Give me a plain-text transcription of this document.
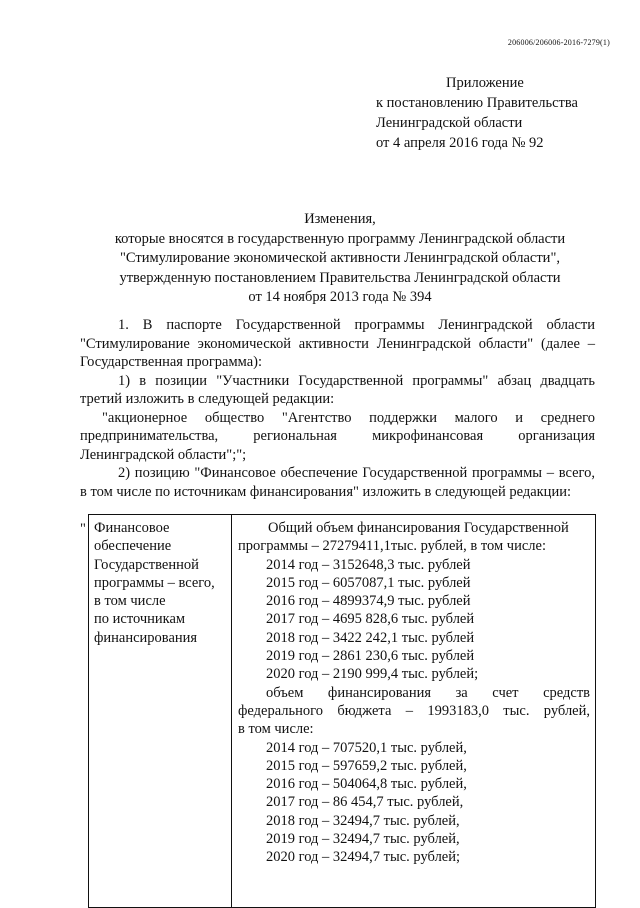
206006/206006-2016-7279(1)
Приложение
к постановлению Правительства
Ленинградской области
от 4 апреля 2016 года № 92
Изменения,
которые вносятся в государственную программу Ленинградской области
"Стимулирование экономической активности Ленинградской области",
утвержденную постановлением Правительства Ленинградской области
от 14 ноября 2013 года № 394

1. В паспорте Государственной программы Ленинградской области "Стимулирование экономической активности Ленинградской области" (далее – Государственная программа):

1) в позиции "Участники Государственной программы" абзац двадцать третий изложить в следующей редакции:

"акционерное общество "Агентство поддержки малого и среднего предпринимательства, региональная микрофинансовая организация Ленинградской области";";

2) позицию "Финансовое обеспечение Государственной программы – всего, в том числе по источникам финансирования" изложить в следующей редакции:

" Финансовое
обеспечение
Государственной
программы – всего,
в том числе
по источникам
финансирования

Общий объем финансирования Государственной
программы – 27279411,1тыс. рублей, в том числе:
2014 год – 3152648,3 тыс. рублей
2015 год – 6057087,1 тыс. рублей
2016 год – 4899374,9 тыс. рублей
2017 год – 4695 828,6 тыс. рублей
2018 год – 3422 242,1 тыс. рублей
2019 год – 2861 230,6 тыс. рублей
2020 год – 2190 999,4 тыс. рублей;
объем финансирования за счет средств
федерального бюджета – 1993183,0 тыс. рублей,
в том числе:
2014 год – 707520,1 тыс. рублей,
2015 год – 597659,2 тыс. рублей,
2016 год – 504064,8 тыс. рублей,
2017 год – 86 454,7 тыс. рублей,
2018 год – 32494,7 тыс. рублей,
2019 год – 32494,7 тыс. рублей,
2020 год – 32494,7 тыс. рублей;
